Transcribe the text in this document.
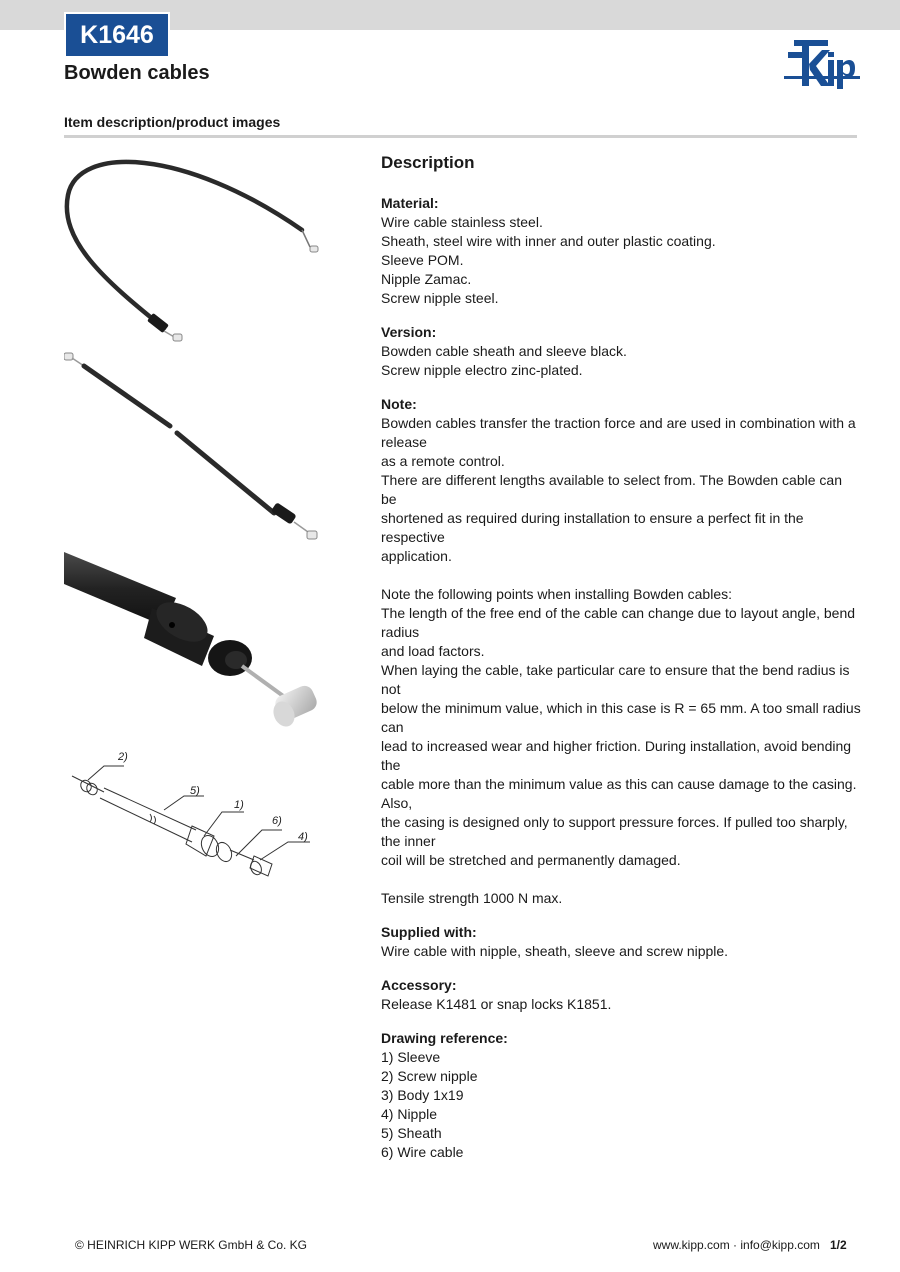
K1646
Bowden cables
Item description/product images
2)
5)
1)
6)
4)
Description
Material:
Wire cable stainless steel.
Sheath, steel wire with inner and outer plastic coating.
Sleeve POM.
Nipple Zamac.
Screw nipple steel.
Version:
Bowden cable sheath and sleeve black.
Screw nipple electro zinc-plated.
Note:
Bowden cables transfer the traction force and are used in combination with a release
as a remote control.
There are different lengths available to select from. The Bowden cable can be
shortened as required during installation to ensure a perfect fit in the respective
application.
Note the following points when installing Bowden cables:
The length of the free end of the cable can change due to layout angle, bend radius
and load factors.
When laying the cable, take particular care to ensure that the bend radius is not
below the minimum value, which in this case is R = 65 mm. A too small radius can
lead to increased wear and higher friction. During installation, avoid bending the
cable more than the minimum value as this can cause damage to the casing. Also,
the casing is designed only to support pressure forces. If pulled too sharply, the inner
coil will be stretched and permanently damaged.
Tensile strength 1000 N max.
Supplied with:
Wire cable with nipple, sheath, sleeve and screw nipple.
Accessory:
Release K1481 or snap locks K1851.
Drawing reference:
1) Sleeve
2) Screw nipple
3) Body 1x19
4) Nipple
5) Sheath
6) Wire cable
© HEINRICH KIPP WERK GmbH & Co. KG	www.kipp.com · info@kipp.com 1/2
